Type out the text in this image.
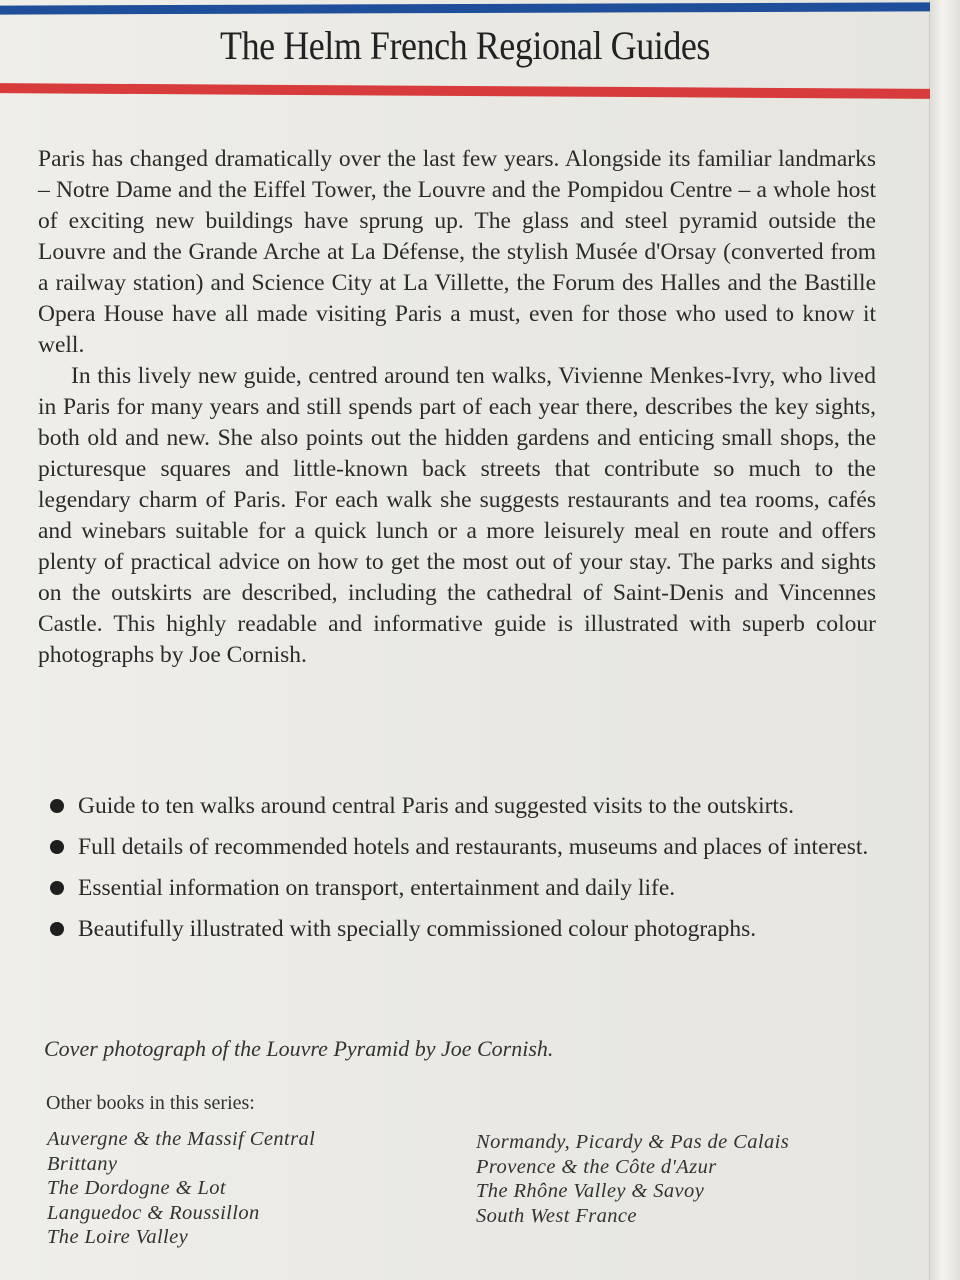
The Helm French Regional Guides

Paris has changed dramatically over the last few years. Alongside its familiar landmarks – Notre Dame and the Eiffel Tower, the Louvre and the Pompidou Centre – a whole host of exciting new buildings have sprung up. The glass and steel pyramid outside the Louvre and the Grande Arche at La Défense, the stylish Musée d'Orsay (converted from a railway station) and Science City at La Villette, the Forum des Halles and the Bastille Opera House have all made visiting Paris a must, even for those who used to know it well.

In this lively new guide, centred around ten walks, Vivienne Menkes-Ivry, who lived in Paris for many years and still spends part of each year there, describes the key sights, both old and new. She also points out the hidden gardens and enticing small shops, the picturesque squares and little-known back streets that contribute so much to the legendary charm of Paris. For each walk she suggests restaurants and tea rooms, cafés and winebars suitable for a quick lunch or a more leisurely meal en route and offers plenty of practical advice on how to get the most out of your stay. The parks and sights on the outskirts are described, including the cathedral of Saint-Denis and Vincennes Castle. This highly readable and informative guide is illustrated with superb colour photographs by Joe Cornish.

Guide to ten walks around central Paris and suggested visits to the outskirts.
Full details of recommended hotels and restaurants, museums and places of interest.
Essential information on transport, entertainment and daily life.
Beautifully illustrated with specially commissioned colour photographs.
Cover photograph of the Louvre Pyramid by Joe Cornish.
Other books in this series:
Auvergne & the Massif Central
Brittany
The Dordogne & Lot
Languedoc & Roussillon
The Loire Valley
Normandy, Picardy & Pas de Calais
Provence & the Côte d'Azur
The Rhône Valley & Savoy
South West France
